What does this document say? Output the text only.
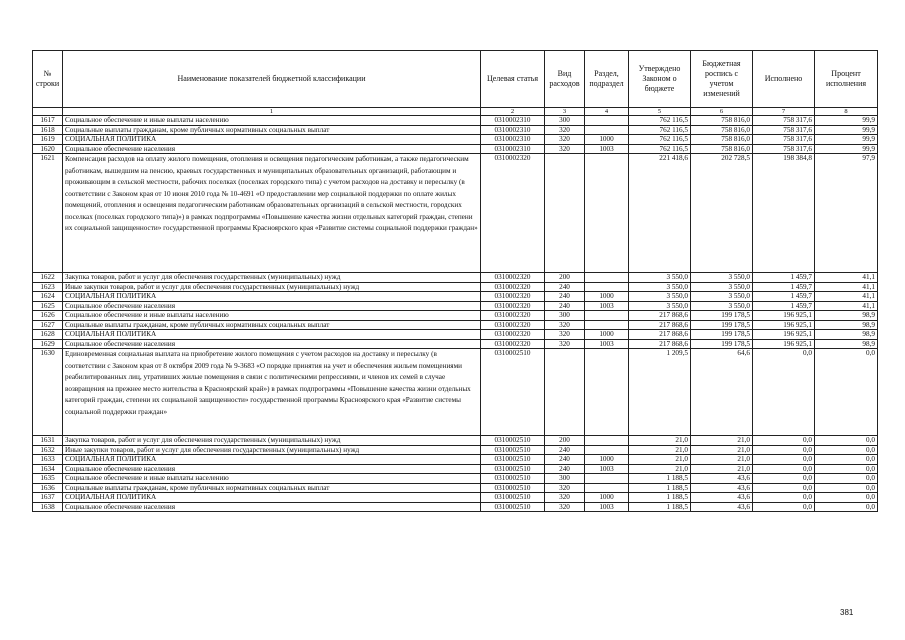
№ строки	Наименование показателей бюджетной классификации	Целевая статья	Вид расходов	Раздел, подраздел	Утверждено Законом о бюджете	Бюджетная роспись с учетом изменений	Исполнено	Процент исполнения
	1	2	3	4	5	6	7	8
1617	Социальное обеспечение и иные выплаты населению	0310002310	300		762 116,5	758 816,0	758 317,6	99,9
1618	Социальные выплаты гражданам, кроме публичных нормативных социальных выплат	0310002310	320		762 116,5	758 816,0	758 317,6	99,9
1619	СОЦИАЛЬНАЯ ПОЛИТИКА	0310002310	320	1000	762 116,5	758 816,0	758 317,6	99,9
1620	Социальное обеспечение населения	0310002310	320	1003	762 116,5	758 816,0	758 317,6	99,9
1621	Компенсация расходов на оплату жилого помещения, отопления и освещения педагогическим работникам, а также педагогическим работникам, вышедшим на пенсию, краевых государственных и муниципальных образовательных организаций, работающим и проживающим в сельской местности, рабочих поселках (поселках городского типа) с учетом расходов на доставку и пересылку (в соответствии с Законом края от 10 июня 2010 года № 10-4691 «О предоставлении мер социальной поддержки по оплате жилых помещений, отопления и освещения педагогическим работникам образовательных организаций в сельской местности, городских поселках (поселках городского типа)») в рамках подпрограммы «Повышение качества жизни отдельных категорий граждан, степени их социальной защищенности» государственной программы Красноярского края «Развитие системы социальной поддержки граждан»	0310002320			221 418,6	202 728,5	198 384,8	97,9
1622	Закупка товаров, работ и услуг для обеспечения государственных (муниципальных) нужд	0310002320	200		3 550,0	3 550,0	1 459,7	41,1
1623	Иные закупки товаров, работ и услуг для обеспечения государственных (муниципальных) нужд	0310002320	240		3 550,0	3 550,0	1 459,7	41,1
1624	СОЦИАЛЬНАЯ ПОЛИТИКА	0310002320	240	1000	3 550,0	3 550,0	1 459,7	41,1
1625	Социальное обеспечение населения	0310002320	240	1003	3 550,0	3 550,0	1 459,7	41,1
1626	Социальное обеспечение и иные выплаты населению	0310002320	300		217 868,6	199 178,5	196 925,1	98,9
1627	Социальные выплаты гражданам, кроме публичных нормативных социальных выплат	0310002320	320		217 868,6	199 178,5	196 925,1	98,9
1628	СОЦИАЛЬНАЯ ПОЛИТИКА	0310002320	320	1000	217 868,6	199 178,5	196 925,1	98,9
1629	Социальное обеспечение населения	0310002320	320	1003	217 868,6	199 178,5	196 925,1	98,9
1630	Единовременная социальная выплата на приобретение жилого помещения с учетом расходов на доставку и пересылку (в соответствии с Законом края от 8 октября 2009 года № 9-3683 «О порядке принятия на учет и обеспечения жильем помещениями реабилитированных лиц, утративших жилые помещения в связи с политическими репрессиями, и членов их семей в случае возвращения на прежнее место жительства в Красноярский край») в рамках подпрограммы «Повышение качества жизни отдельных категорий граждан, степени их социальной защищенности» государственной программы Красноярского края «Развитие системы социальной поддержки граждан»	0310002510			1 209,5	64,6	0,0	0,0
1631	Закупка товаров, работ и услуг для обеспечения государственных (муниципальных) нужд	0310002510	200		21,0	21,0	0,0	0,0
1632	Иные закупки товаров, работ и услуг для обеспечения государственных (муниципальных) нужд	0310002510	240		21,0	21,0	0,0	0,0
1633	СОЦИАЛЬНАЯ ПОЛИТИКА	0310002510	240	1000	21,0	21,0	0,0	0,0
1634	Социальное обеспечение населения	0310002510	240	1003	21,0	21,0	0,0	0,0
1635	Социальное обеспечение и иные выплаты населению	0310002510	300		1 188,5	43,6	0,0	0,0
1636	Социальные выплаты гражданам, кроме публичных нормативных социальных выплат	0310002510	320		1 188,5	43,6	0,0	0,0
1637	СОЦИАЛЬНАЯ ПОЛИТИКА	0310002510	320	1000	1 188,5	43,6	0,0	0,0
1638	Социальное обеспечение населения	0310002510	320	1003	1 188,5	43,6	0,0	0,0
381
